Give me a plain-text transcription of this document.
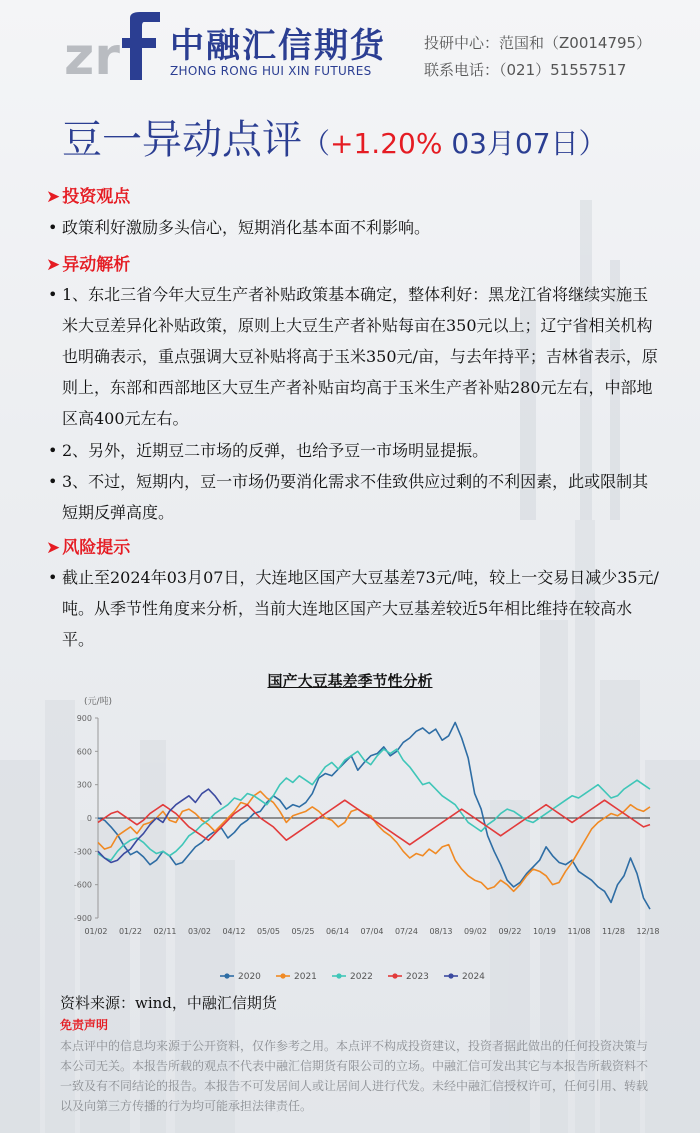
zr 中融汇信期货
ZHONG RONG HUI XIN FUTURES
投研中心：范国和（Z0014795）
联系电话：（021）51557517
豆一异动点评（+1.20% 03月07日）
➤ 投资观点
• 政策利好激励多头信心，短期消化基本面不利影响。
➤ 异动解析
• 1、东北三省今年大豆生产者补贴政策基本确定，整体利好：黑龙江省将继续实施玉米大豆差异化补贴政策，原则上大豆生产者补贴每亩在350元以上；辽宁省相关机构也明确表示，重点强调大豆补贴将高于玉米350元/亩，与去年持平；吉林省表示，原则上，东部和西部地区大豆生产者补贴亩均高于玉米生产者补贴280元左右，中部地区高400元左右。
• 2、另外，近期豆二市场的反弹，也给予豆一市场明显提振。
• 3、不过，短期内，豆一市场仍要消化需求不佳致供应过剩的不利因素，此或限制其短期反弹高度。
➤ 风险提示
• 截止至2024年03月07日，大连地区国产大豆基差73元/吨，较上一交易日减少35元/吨。从季节性角度来分析，当前大连地区国产大豆基差较近5年相比维持在较高水平。
国产大豆基差季节性分析
(元/吨)
900
600
300
0
-300
-600
-900
01/02 01/22 02/11 03/02 04/12 05/05 05/25 06/14 07/04 07/24 08/13 09/02 09/22 10/19 11/08 11/28 12/18
2020	2021	2022	2023	2024
资料来源：wind，中融汇信期货
免责声明
本点评中的信息均来源于公开资料，仅作参考之用。本点评不构成投资建议，投资者据此做出的任何投资决策与本公司无关。本报告所载的观点不代表中融汇信期货有限公司的立场。中融汇信可发出其它与本报告所载资料不一致及有不同结论的报告。本报告不可发居间人或让居间人进行代发。未经中融汇信授权许可，任何引用、转载以及向第三方传播的行为均可能承担法律责任。
